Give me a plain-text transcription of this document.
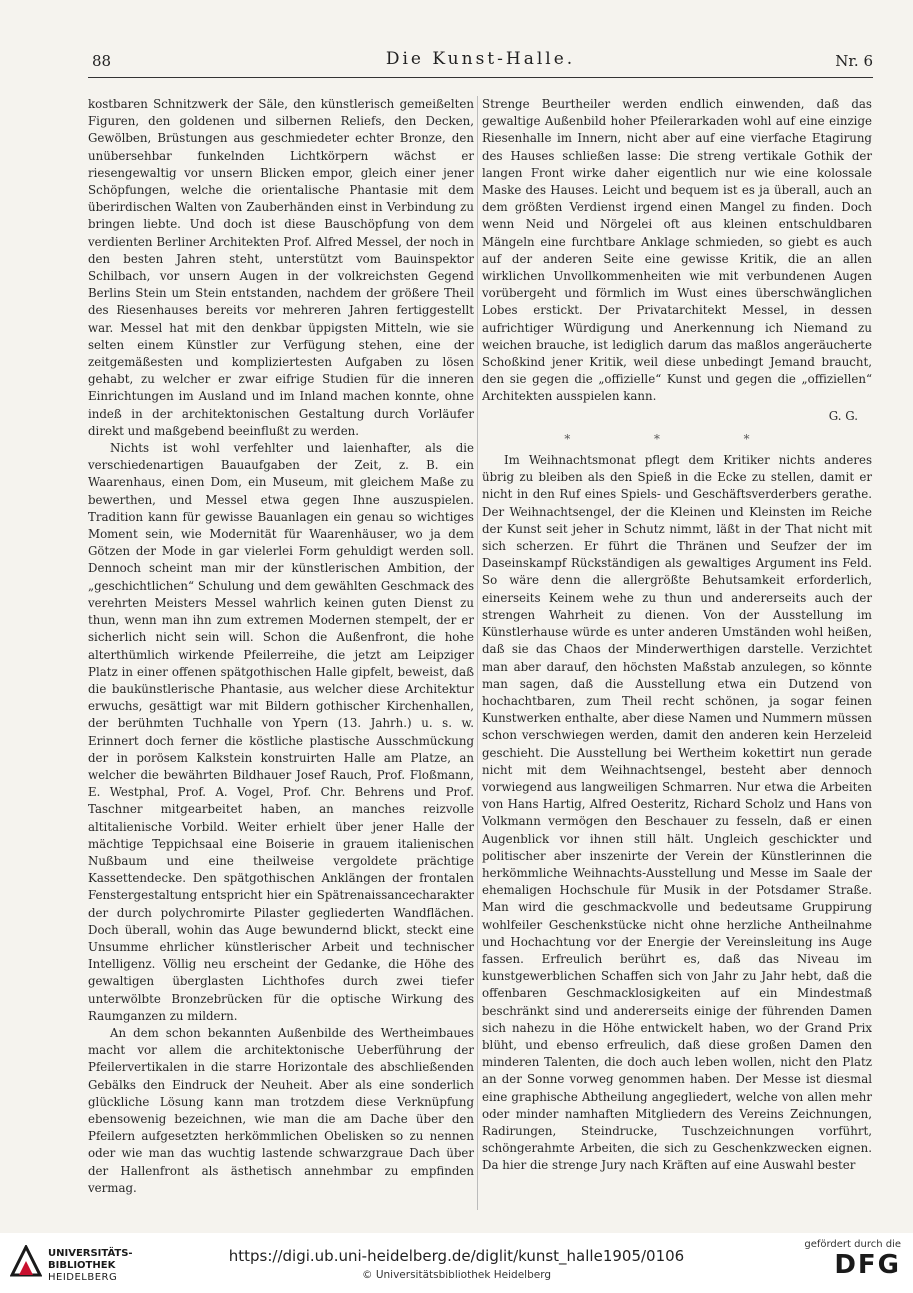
88	Die Kunst-Halle.	Nr. 6

kostbaren Schnitzwerk der Säle, den künstlerisch gemeißelten Figuren, den goldenen und silbernen Reliefs, den Decken, Gewölben, Brüstungen aus geschmiedeter echter Bronze, den unübersehbar funkelnden Lichtkörpern wächst er riesengewaltig vor unsern Blicken empor, gleich einer jener Schöpfungen, welche die orientalische Phantasie mit dem überirdischen Walten von Zauberhänden einst in Verbindung zu bringen liebte. Und doch ist diese Bauschöpfung von dem verdienten Berliner Architekten Prof. Alfred Messel, der noch in den besten Jahren steht, unterstützt vom Bauinspektor Schilbach, vor unsern Augen in der volkreichsten Gegend Berlins Stein um Stein entstanden, nachdem der größere Theil des Riesenhauses bereits vor mehreren Jahren fertiggestellt war. Messel hat mit den denkbar üppigsten Mitteln, wie sie selten einem Künstler zur Verfügung stehen, eine der zeitgemäßesten und kompliziertesten Aufgaben zu lösen gehabt, zu welcher er zwar eifrige Studien für die inneren Einrichtungen im Ausland und im Inland machen konnte, ohne indeß in der architektonischen Gestaltung durch Vorläufer direkt und maßgebend beeinflußt zu werden.

Nichts ist wohl verfehlter und laienhafter, als die verschiedenartigen Bauaufgaben der Zeit, z. B. ein Waarenhaus, einen Dom, ein Museum, mit gleichem Maße zu bewerthen, und Messel etwa gegen Ihne auszuspielen. Tradition kann für gewisse Bauanlagen ein genau so wichtiges Moment sein, wie Modernität für Waarenhäuser, wo ja dem Götzen der Mode in gar vielerlei Form gehuldigt werden soll. Dennoch scheint man mir der künstlerischen Ambition, der „geschichtlichen“ Schulung und dem gewählten Geschmack des verehrten Meisters Messel wahrlich keinen guten Dienst zu thun, wenn man ihn zum extremen Modernen stempelt, der er sicherlich nicht sein will. Schon die Außenfront, die hohe alterthümlich wirkende Pfeilerreihe, die jetzt am Leipziger Platz in einer offenen spätgothischen Halle gipfelt, beweist, daß die baukünstlerische Phantasie, aus welcher diese Architektur erwuchs, gesättigt war mit Bildern gothischer Kirchenhallen, der berühmten Tuchhalle von Ypern (13. Jahrh.) u. s. w. Erinnert doch ferner die köstliche plastische Ausschmückung der in porösem Kalkstein konstruirten Halle am Platze, an welcher die bewährten Bildhauer Josef Rauch, Prof. Floßmann, E. Westphal, Prof. A. Vogel, Prof. Chr. Behrens und Prof. Taschner mitgearbeitet haben, an manches reizvolle altitalienische Vorbild. Weiter erhielt über jener Halle der mächtige Teppichsaal eine Boiserie in grauem italienischen Nußbaum und eine theilweise vergoldete prächtige Kassettendecke. Den spätgothischen Anklängen der frontalen Fenstergestaltung entspricht hier ein Spätrenaissancecharakter der durch polychromirte Pilaster gegliederten Wandflächen. Doch überall, wohin das Auge bewundernd blickt, steckt eine Unsumme ehrlicher künstlerischer Arbeit und technischer Intelligenz. Völlig neu erscheint der Gedanke, die Höhe des gewaltigen überglasten Lichthofes durch zwei tiefer unterwölbte Bronzebrücken für die optische Wirkung des Raumganzen zu mildern.

An dem schon bekannten Außenbilde des Wertheimbaues macht vor allem die architektonische Ueberführung der Pfeilervertikalen in die starre Horizontale des abschließenden Gebälks den Eindruck der Neuheit. Aber als eine sonderlich glückliche Lösung kann man trotzdem diese Verknüpfung ebensowenig bezeichnen, wie man die am Dache über den Pfeilern aufgesetzten herkömmlichen Obelisken so zu nennen oder wie man das wuchtig lastende schwarzgraue Dach über der Hallenfront als ästhetisch annehmbar zu empfinden vermag.

Strenge Beurtheiler werden endlich einwenden, daß das gewaltige Außenbild hoher Pfeilerarkaden wohl auf eine einzige Riesenhalle im Innern, nicht aber auf eine vierfache Etagirung des Hauses schließen lasse: Die streng vertikale Gothik der langen Front wirke daher eigentlich nur wie eine kolossale Maske des Hauses. Leicht und bequem ist es ja überall, auch an dem größten Verdienst irgend einen Mangel zu finden. Doch wenn Neid und Nörgelei oft aus kleinen entschuldbaren Mängeln eine furchtbare Anklage schmieden, so giebt es auch auf der anderen Seite eine gewisse Kritik, die an allen wirklichen Unvollkommenheiten wie mit verbundenen Augen vorübergeht und förmlich im Wust eines überschwänglichen Lobes erstickt. Der Privatarchitekt Messel, in dessen aufrichtiger Würdigung und Anerkennung ich Niemand zu weichen brauche, ist lediglich darum das maßlos angeräucherte Schoßkind jener Kritik, weil diese unbedingt Jemand braucht, den sie gegen die „offizielle“ Kunst und gegen die „offiziellen“ Architekten ausspielen kann.

G. G.
* * *

Im Weihnachtsmonat pflegt dem Kritiker nichts anderes übrig zu bleiben als den Spieß in die Ecke zu stellen, damit er nicht in den Ruf eines Spiels- und Geschäftsverderbers gerathe. Der Weihnachtsengel, der die Kleinen und Kleinsten im Reiche der Kunst seit jeher in Schutz nimmt, läßt in der That nicht mit sich scherzen. Er führt die Thränen und Seufzer der im Daseinskampf Rückständigen als gewaltiges Argument ins Feld. So wäre denn die allergrößte Behutsamkeit erforderlich, einerseits Keinem wehe zu thun und andererseits auch der strengen Wahrheit zu dienen. Von der Ausstellung im Künstlerhause würde es unter anderen Umständen wohl heißen, daß sie das Chaos der Minderwerthigen darstelle. Verzichtet man aber darauf, den höchsten Maßstab anzulegen, so könnte man sagen, daß die Ausstellung etwa ein Dutzend von hochachtbaren, zum Theil recht schönen, ja sogar feinen Kunstwerken enthalte, aber diese Namen und Nummern müssen schon verschwiegen werden, damit den anderen kein Herzeleid geschieht. Die Ausstellung bei Wertheim kokettirt nun gerade nicht mit dem Weihnachtsengel, besteht aber dennoch vorwiegend aus langweiligen Schmarren. Nur etwa die Arbeiten von Hans Hartig, Alfred Oesteritz, Richard Scholz und Hans von Volkmann vermögen den Beschauer zu fesseln, daß er einen Augenblick vor ihnen still hält. Ungleich geschickter und politischer aber inszenirte der Verein der Künstlerinnen die herkömmliche Weihnachts-Ausstellung und Messe im Saale der ehemaligen Hochschule für Musik in der Potsdamer Straße. Man wird die geschmackvolle und bedeutsame Gruppirung wohlfeiler Geschenkstücke nicht ohne herzliche Antheilnahme und Hochachtung vor der Energie der Vereinsleitung ins Auge fassen. Erfreulich berührt es, daß das Niveau im kunstgewerblichen Schaffen sich von Jahr zu Jahr hebt, daß die offenbaren Geschmacklosigkeiten auf ein Mindestmaß beschränkt sind und andererseits einige der führenden Damen sich nahezu in die Höhe entwickelt haben, wo der Grand Prix blüht, und ebenso erfreulich, daß diese großen Damen den minderen Talenten, die doch auch leben wollen, nicht den Platz an der Sonne vorweg genommen haben. Der Messe ist diesmal eine graphische Abtheilung angegliedert, welche von allen mehr oder minder namhaften Mitgliedern des Vereins Zeichnungen, Radirungen, Steindrucke, Tuschzeichnungen vorführt, schöngerahmte Arbeiten, die sich zu Geschenkzwecken eignen. Da hier die strenge Jury nach Kräften auf eine Auswahl bester

UNIVERSITÄTS-
BIBLIOTHEK
HEIDELBERG
https://digi.ub.uni-heidelberg.de/diglit/kunst_halle1905/0106
© Universitätsbibliothek Heidelberg
gefördert durch die
DFG
